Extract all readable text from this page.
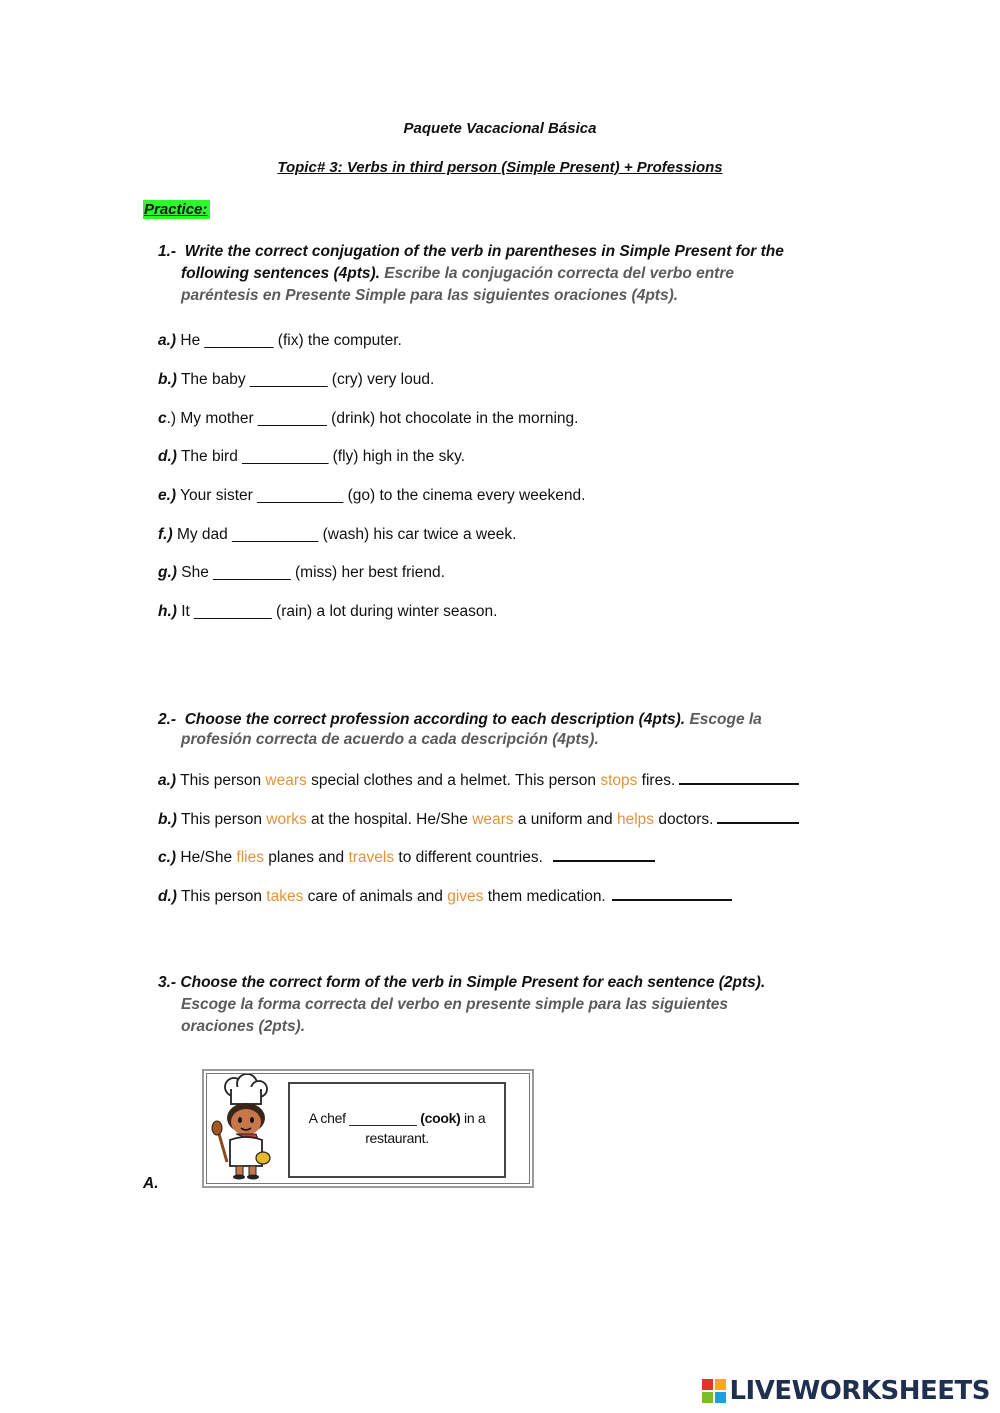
Paquete Vacacional Básica
Topic# 3: Verbs in third person (Simple Present) + Professions
Practice:
1.- Write the correct conjugation of the verb in parentheses in Simple Present for the
following sentences (4pts). Escribe la conjugación correcta del verbo entre
paréntesis en Presente Simple para las siguientes oraciones (4pts).
a.) He ________ (fix) the computer.
b.) The baby _________ (cry) very loud.
c.) My mother ________ (drink) hot chocolate in the morning.
d.) The bird __________ (fly) high in the sky.
e.) Your sister __________ (go) to the cinema every weekend.
f.) My dad __________ (wash) his car twice a week.
g.) She _________ (miss) her best friend.
h.) It _________ (rain) a lot during winter season.
2.- Choose the correct profession according to each description (4pts). Escoge la
profesión correcta de acuerdo a cada descripción (4pts).
a.) This person wears special clothes and a helmet. This person stops fires.
b.) This person works at the hospital. He/She wears a uniform and helps doctors.
c.) He/She flies planes and travels to different countries.
d.) This person takes care of animals and gives them medication.
3.- Choose the correct form of the verb in Simple Present for each sentence (2pts).
Escoge la forma correcta del verbo en presente simple para las siguientes
oraciones (2pts).
A.
A chef _________ (cook) in a
restaurant.
LIVEWORKSHEETS
